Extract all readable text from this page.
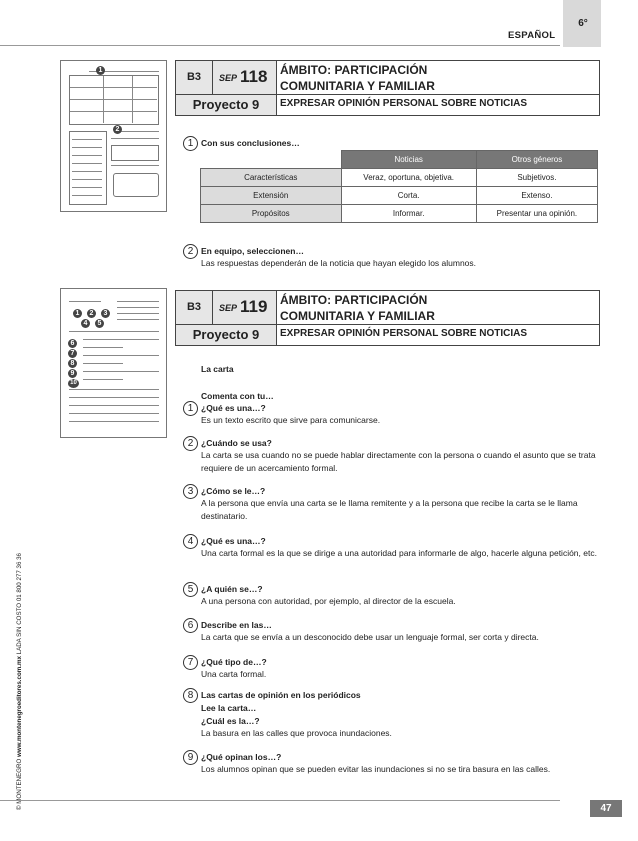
ESPAÑOL
6°
© MONTENEGRO www.montenegroeditores.com.mx LADA SIN COSTO 01 800 277 36 36
1
2
1	2	3
4	5
6
7
8
9
10
B3	SEP 118 ÁMBITO: PARTICIPACIÓN
COMUNITARIA Y FAMILIAR
Proyecto 9	EXPRESAR OPINIÓN PERSONAL SOBRE NOTICIAS
1 Con sus conclusiones…
	Noticias	Otros géneros
Características	Veraz, oportuna, objetiva.	Subjetivos.
Extensión	Corta.	Extenso.
Propósitos	Informar.	Presentar una opinión.
2 En equipo, seleccionen…
Las respuestas dependerán de la noticia que hayan elegido los alumnos.
B3	SEP 119 ÁMBITO: PARTICIPACIÓN
COMUNITARIA Y FAMILIAR
Proyecto 9	EXPRESAR OPINIÓN PERSONAL SOBRE NOTICIAS
La carta
Comenta con tu…
1 ¿Qué es una…?
Es un texto escrito que sirve para comunicarse.
2 ¿Cuándo se usa?
La carta se usa cuando no se puede hablar directamente con la persona o cuando el asunto que se trata requiere de un acercamiento formal.
3 ¿Cómo se le…?
A la persona que envía una carta se le llama remitente y a la persona que recibe la carta se le llama destinatario.
4 ¿Qué es una…?
Una carta formal es la que se dirige a una autoridad para informarle de algo, hacerle alguna petición, etc.
5 ¿A quién se…?
A una persona con autoridad, por ejemplo, al director de la escuela.
6 Describe en las…
La carta que se envía a un desconocido debe usar un lenguaje formal, ser corta y directa.
7 ¿Qué tipo de…?
Una carta formal.
8 Las cartas de opinión en los periódicos
Lee la carta…
¿Cuál es la…?
La basura en las calles que provoca inundaciones.
9 ¿Qué opinan los…?
Los alumnos opinan que se pueden evitar las inundaciones si no se tira basura en las calles.
47
